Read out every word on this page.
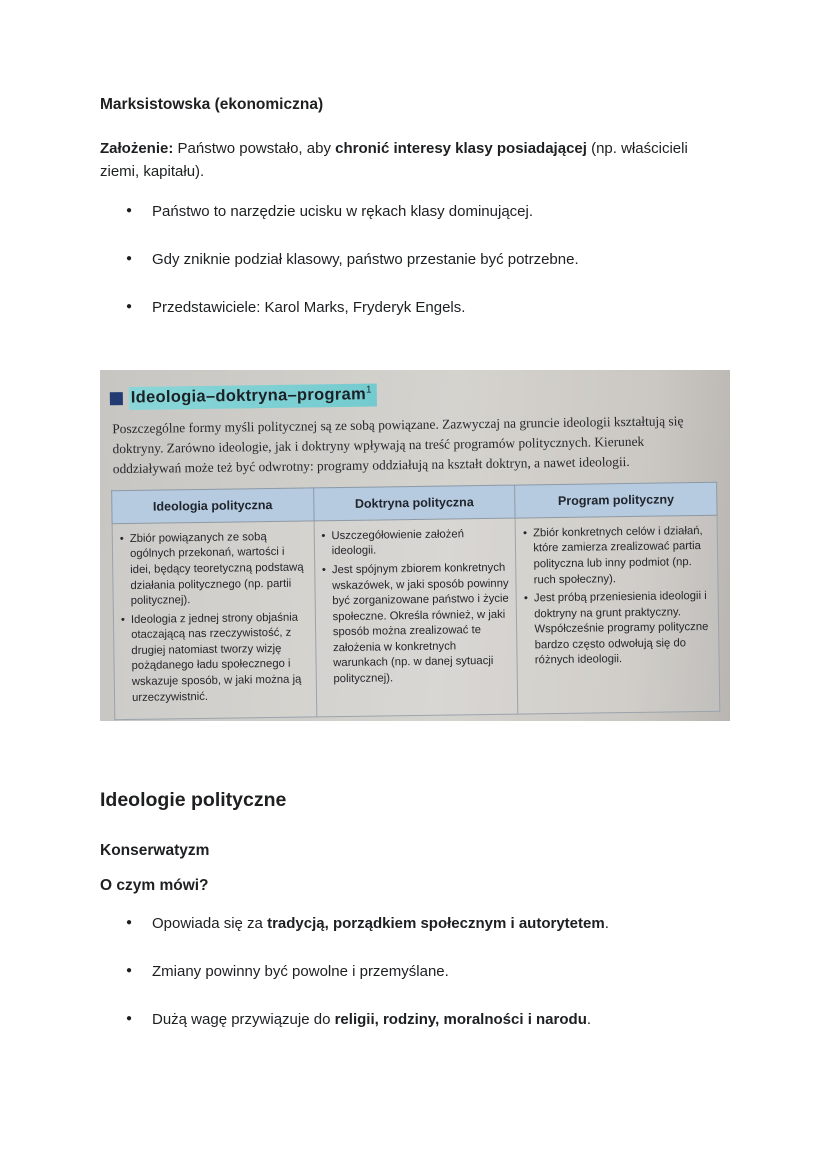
Marksistowska (ekonomiczna)

Założenie: Państwo powstało, aby chronić interesy klasy posiadającej (np. właścicieli ziemi, kapitału).

● Państwo to narzędzie ucisku w rękach klasy dominującej.
● Gdy zniknie podział klasowy, państwo przestanie być potrzebne.
● Przedstawiciele: Karol Marks, Fryderyk Engels.
Ideologia–doktryna–program$^1$

Poszczególne formy myśli politycznej są ze sobą powiązane. Zazwyczaj na gruncie ideologii kształtują się doktryny. Zarówno ideologie, jak i doktryny wpływają na treść programów politycznych. Kierunek oddziaływań może też być odwrotny: programy oddziałują na kształt doktryn, a nawet ideologii.

Ideologia polityczna	Doktryna polityczna	Program polityczny

• Zbiór powiązanych ze sobą ogólnych przekonań, wartości i idei, będący teoretyczną podstawą działania politycznego (np. partii politycznej).
• Ideologia z jednej strony objaśnia otaczającą nas rzeczywistość, z drugiej natomiast tworzy wizję pożądanego ładu społecznego i wskazuje sposób, w jaki można ją urzeczywistnić.

• Uszczegółowienie założeń ideologii.
• Jest spójnym zbiorem konkretnych wskazówek, w jaki sposób powinny być zorganizowane państwo i życie społeczne. Określa również, w jaki sposób można zrealizować te założenia w konkretnych warunkach (np. w danej sytuacji politycznej).

• Zbiór konkretnych celów i działań, które zamierza zrealizować partia polityczna lub inny podmiot (np. ruch społeczny).
• Jest próbą przeniesienia ideologii i doktryny na grunt praktyczny. Współcześnie programy polityczne bardzo często odwołują się do różnych ideologii.
Ideologie polityczne
Konserwatyzm
O czym mówi?
● Opowiada się za tradycją, porządkiem społecznym i autorytetem.
● Zmiany powinny być powolne i przemyślane.
● Dużą wagę przywiązuje do religii, rodziny, moralności i narodu.
